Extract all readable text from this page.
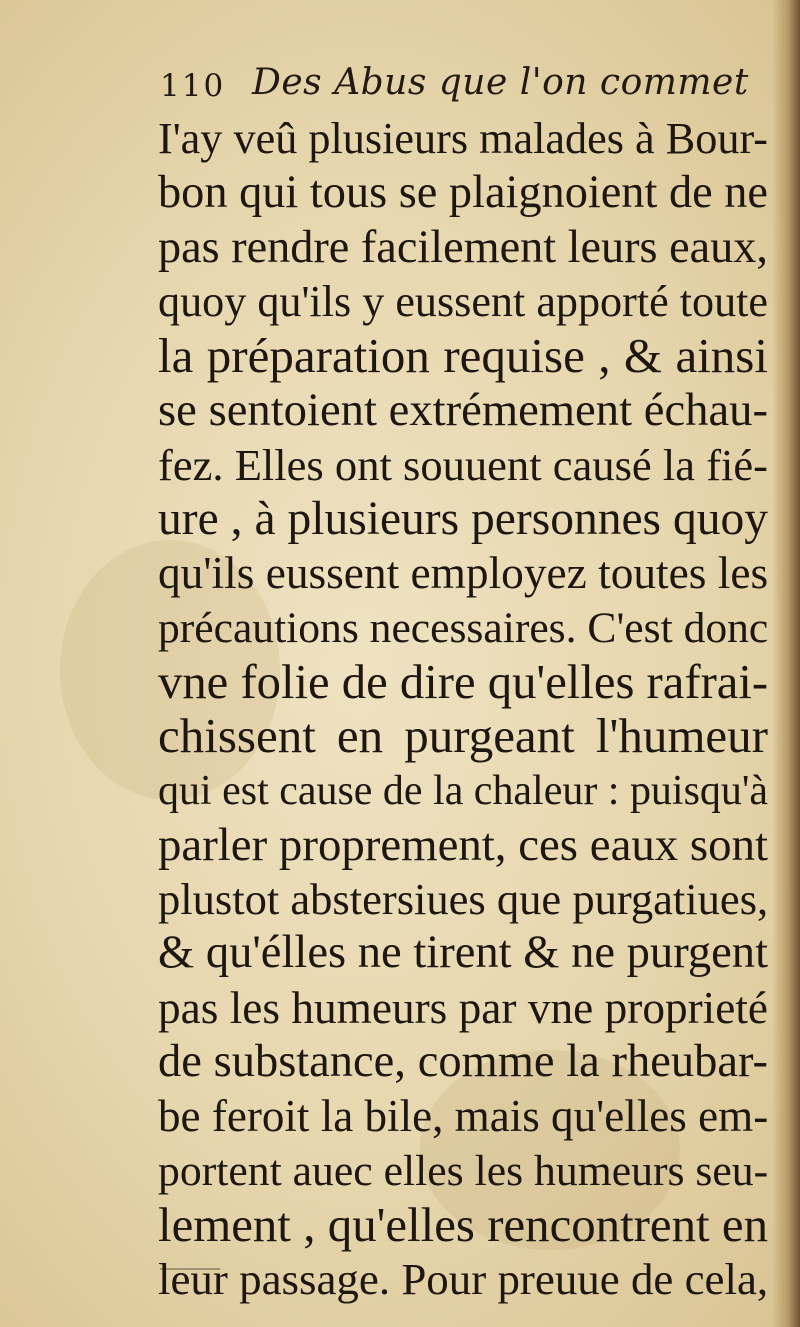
110 Des Abus que l'on commet
I'ay veû plusieurs malades à Bour-
bon qui tous se plaignoient de ne
pas rendre facilement leurs eaux,
quoy qu'ils y eussent apporté toute
la préparation requise , & ainsi
se sentoient extrémement échau-
fez. Elles ont souuent causé la fié-
ure , à plusieurs personnes quoy
qu'ils eussent employez toutes les
précautions necessaires. C'est donc
vne folie de dire qu'elles rafrai-
chissent en purgeant l'humeur
qui est cause de la chaleur : puisqu'à
parler proprement, ces eaux sont
plustot abstersiues que purgatiues,
& qu'élles ne tirent & ne purgent
pas les humeurs par vne proprieté
de substance, comme la rheubar-
be feroit la bile, mais qu'elles em-
portent auec elles les humeurs seu-
lement , qu'elles rencontrent en
leur passage. Pour preuue de cela,
